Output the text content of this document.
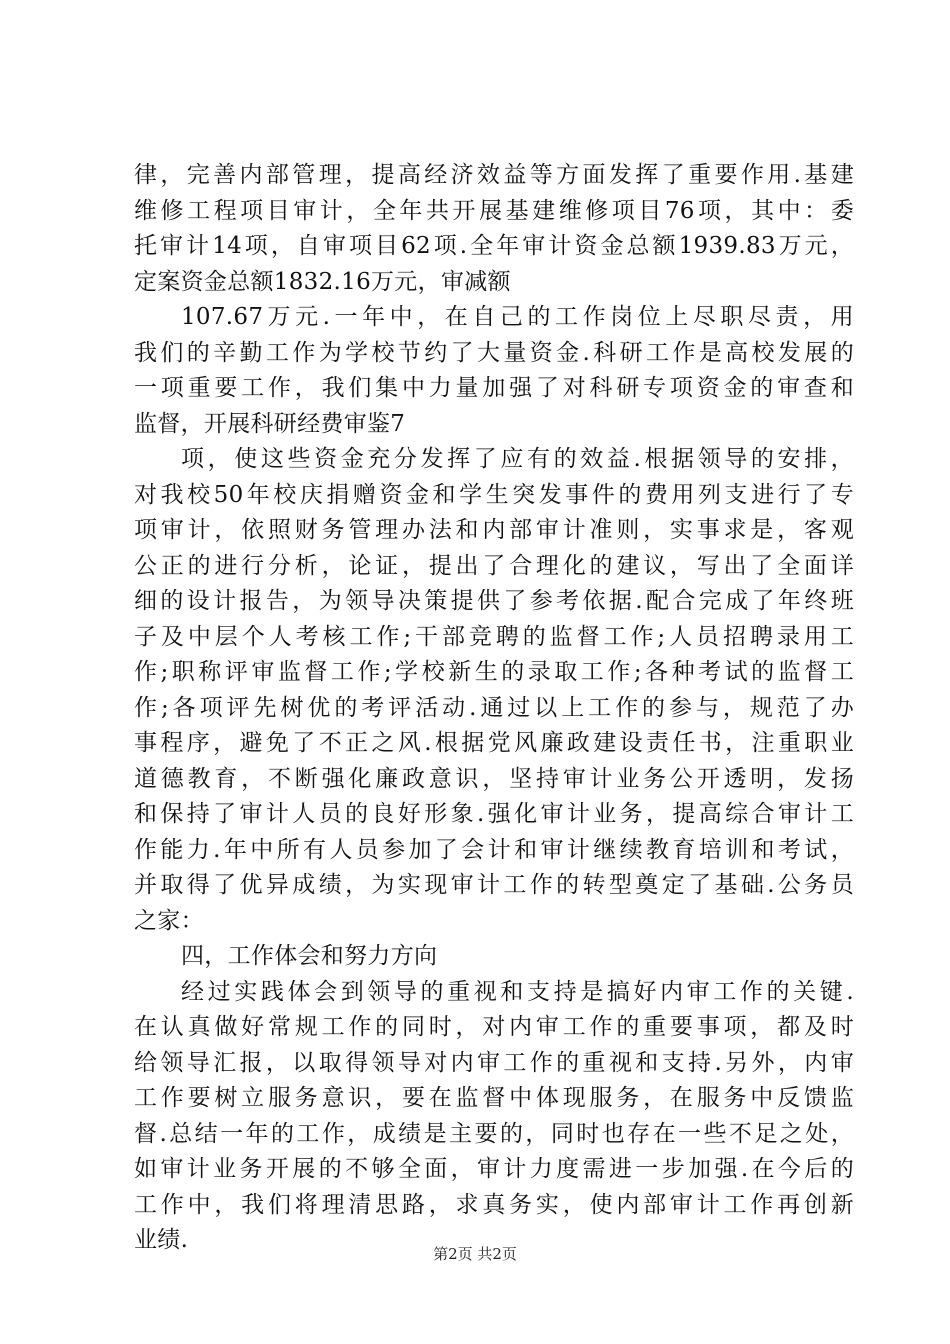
律，完善内部管理，提高经济效益等方面发挥了重要作用.基建
维修工程项目审计，全年共开展基建维修项目76项，其中：委
托审计14项，自审项目62项.全年审计资金总额1939.83万元，
定案资金总额1832.16万元，审减额
107.67万元.一年中，在自己的工作岗位上尽职尽责，用
我们的辛勤工作为学校节约了大量资金.科研工作是高校发展的
一项重要工作，我们集中力量加强了对科研专项资金的审查和
监督，开展科研经费审鉴7
项，使这些资金充分发挥了应有的效益.根据领导的安排，
对我校50年校庆捐赠资金和学生突发事件的费用列支进行了专
项审计，依照财务管理办法和内部审计准则，实事求是，客观
公正的进行分析，论证，提出了合理化的建议，写出了全面详
细的设计报告，为领导决策提供了参考依据.配合完成了年终班
子及中层个人考核工作;干部竞聘的监督工作;人员招聘录用工
作;职称评审监督工作;学校新生的录取工作;各种考试的监督工
作;各项评先树优的考评活动.通过以上工作的参与，规范了办
事程序，避免了不正之风.根据党风廉政建设责任书，注重职业
道德教育，不断强化廉政意识，坚持审计业务公开透明，发扬
和保持了审计人员的良好形象.强化审计业务，提高综合审计工
作能力.年中所有人员参加了会计和审计继续教育培训和考试，
并取得了优异成绩，为实现审计工作的转型奠定了基础.公务员
之家：
四，工作体会和努力方向
经过实践体会到领导的重视和支持是搞好内审工作的关键.
在认真做好常规工作的同时，对内审工作的重要事项，都及时
给领导汇报，以取得领导对内审工作的重视和支持.另外，内审
工作要树立服务意识，要在监督中体现服务，在服务中反馈监
督.总结一年的工作，成绩是主要的，同时也存在一些不足之处，
如审计业务开展的不够全面，审计力度需进一步加强.在今后的
工作中，我们将理清思路，求真务实，使内部审计工作再创新
业绩.
第2页 共2页
